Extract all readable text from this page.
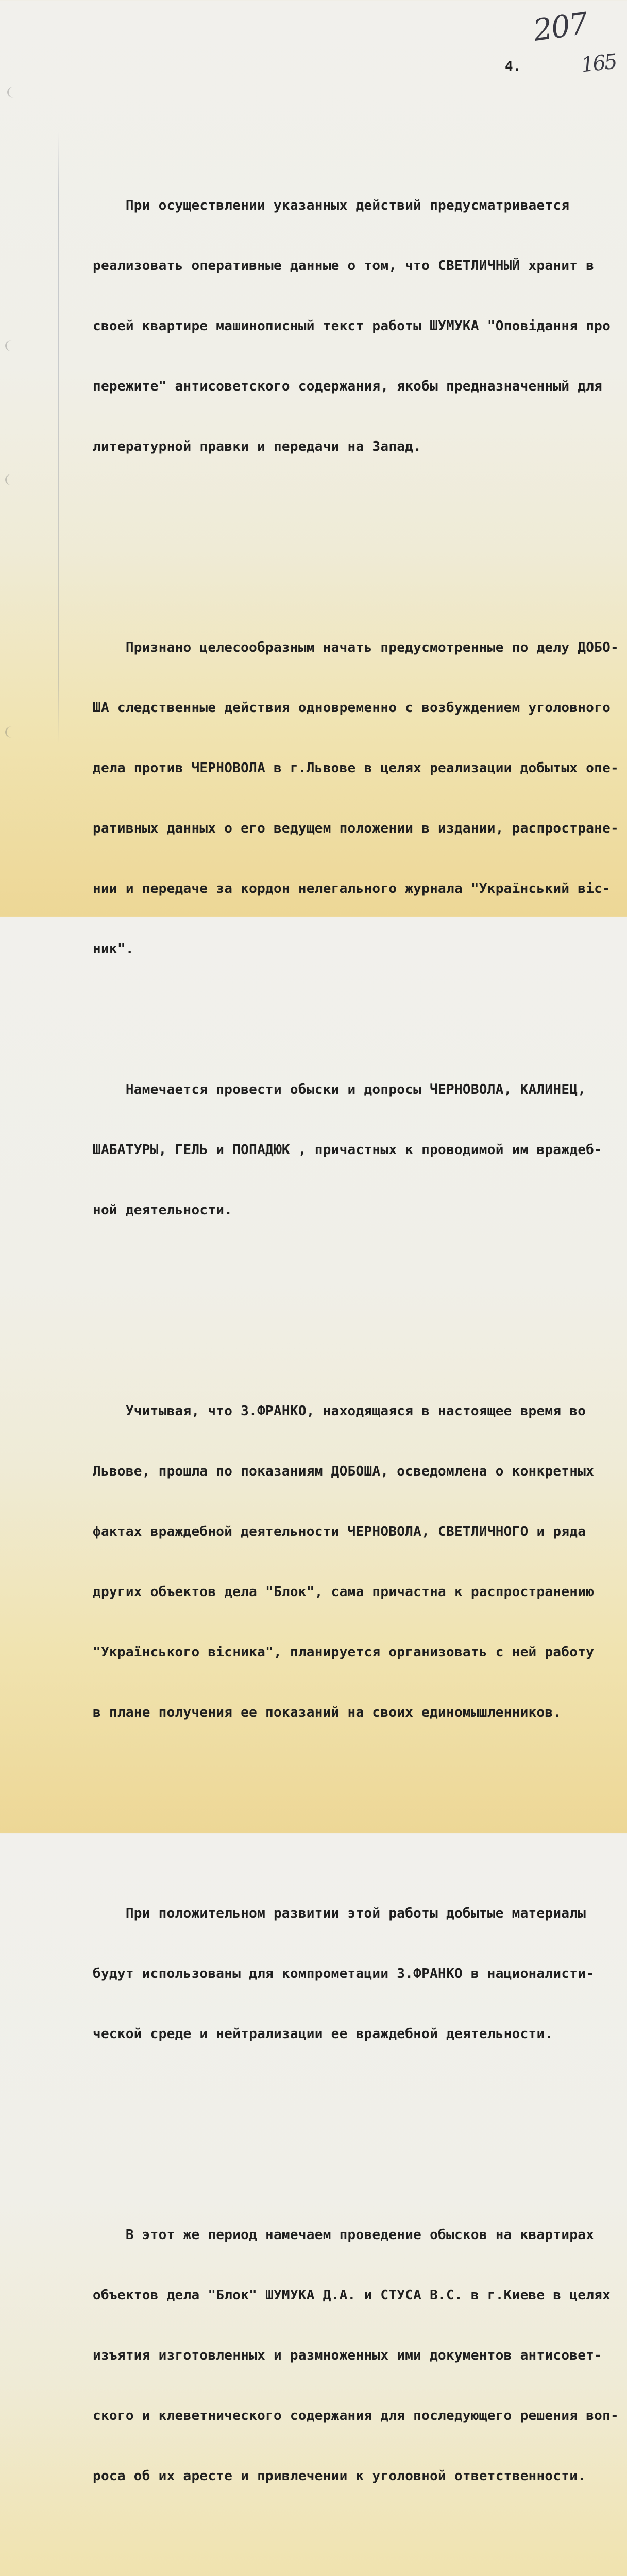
207
165
4.

При осуществлении указанных действий предусматривается

реализовать оперативные данные о том, что СВЕТЛИЧНЫЙ хранит в

своей квартире машинописный текст работы ШУМУКА "Оповідання про

пережите" антисоветского содержания, якобы предназначенный для

литературной правки и передачи на Запад.

Признано целесообразным начать предусмотренные по делу ДОБО-

ША следственные действия одновременно с возбуждением уголовного

дела против ЧЕРНОВОЛА в г.Львове в целях реализации добытых опе-

ративных данных о его ведущем положении в издании, распростране-

нии и передаче за кордон нелегального журнала "Український віс-

ник".

Намечается провести обыски и допросы ЧЕРНОВОЛА, КАЛИНЕЦ,

ШАБАТУРЫ, ГЕЛЬ и ПОПАДЮК , причастных к проводимой им враждеб-

ной деятельности.

Учитывая, что З.ФРАНКО, находящаяся в настоящее время во

Львове, прошла по показаниям ДОБОША, осведомлена о конкретных

фактах враждебной деятельности ЧЕРНОВОЛА, СВЕТЛИЧНОГО и ряда

других объектов дела "Блок", сама причастна к распространению

"Українського вісника", планируется организовать с ней работу

в плане получения ее показаний на своих единомышленников.

При положительном развитии этой работы добытые материалы

будут использованы для компрометации З.ФРАНКО в националисти-

ческой среде и нейтрализации ее враждебной деятельности.

В этот же период намечаем проведение обысков на квартирах

объектов дела "Блок" ШУМУКА Д.А. и СТУСА В.С. в г.Киеве в целях

изъятия изготовленных и размноженных ими документов антисовет-

ского и клеветнического содержания для последующего решения воп-

роса об их аресте и привлечении к уголовной ответственности.
